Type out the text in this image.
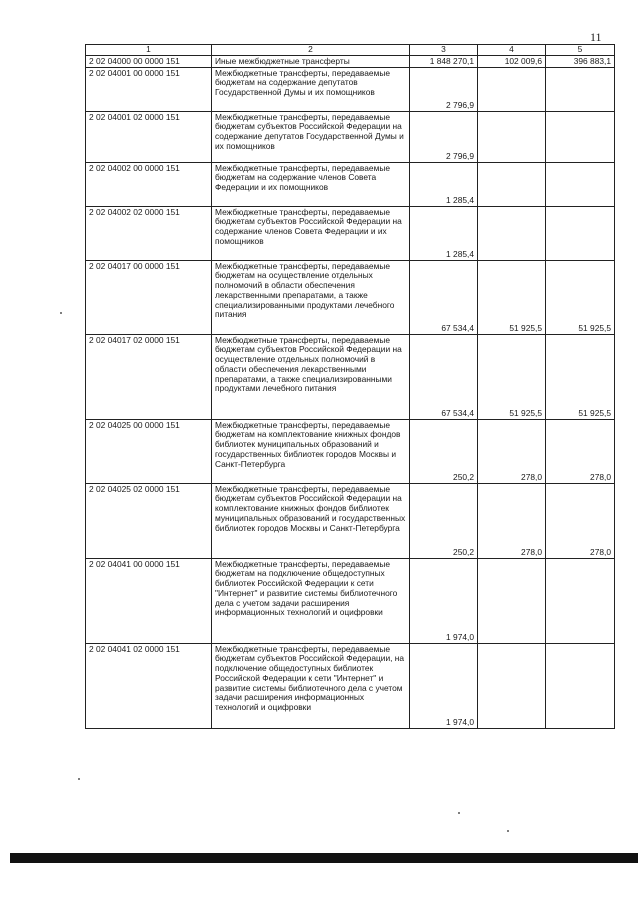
11
1	2	3	4	5
2 02 04000 00 0000 151	Иные межбюджетные трансферты	1 848 270,1	102 009,6	396 883,1
2 02 04001 00 0000 151	Межбюджетные трансферты, передаваемые бюджетам на содержание депутатов Государственной Думы и их помощников	2 796,9		
2 02 04001 02 0000 151	Межбюджетные трансферты, передаваемые бюджетам субъектов Российской Федерации на содержание депутатов Государственной Думы и их помощников	2 796,9		
2 02 04002 00 0000 151	Межбюджетные трансферты, передаваемые бюджетам на содержание членов Совета Федерации и их помощников	1 285,4		
2 02 04002 02 0000 151	Межбюджетные трансферты, передаваемые бюджетам субъектов Российской Федерации на содержание членов Совета Федерации и их помощников	1 285,4		
2 02 04017 00 0000 151	Межбюджетные трансферты, передаваемые бюджетам на осуществление отдельных полномочий в области обеспечения лекарственными препаратами, а также специализированными продуктами лечебного питания	67 534,4	51 925,5	51 925,5
2 02 04017 02 0000 151	Межбюджетные трансферты, передаваемые бюджетам субъектов Российской Федерации на осуществление отдельных полномочий в области обеспечения лекарственными препаратами, а также специализированными продуктами лечебного питания	67 534,4	51 925,5	51 925,5
2 02 04025 00 0000 151	Межбюджетные трансферты, передаваемые бюджетам на комплектование книжных фондов библиотек муниципальных образований и государственных библиотек городов Москвы и Санкт-Петербурга	250,2	278,0	278,0
2 02 04025 02 0000 151	Межбюджетные трансферты, передаваемые бюджетам субъектов Российской Федерации на комплектование книжных фондов библиотек муниципальных образований и государственных библиотек городов Москвы и Санкт-Петербурга	250,2	278,0	278,0
2 02 04041 00 0000 151	Межбюджетные трансферты, передаваемые бюджетам на подключение общедоступных библиотек Российской Федерации к сети "Интернет" и развитие системы библиотечного дела с учетом задачи расширения информационных технологий и оцифровки	1 974,0		
2 02 04041 02 0000 151	Межбюджетные трансферты, передаваемые бюджетам субъектов Российской Федерации, на подключение общедоступных библиотек Российской Федерации к сети "Интернет" и развитие системы библиотечного дела с учетом задачи расширения информационных технологий и оцифровки	1 974,0		
